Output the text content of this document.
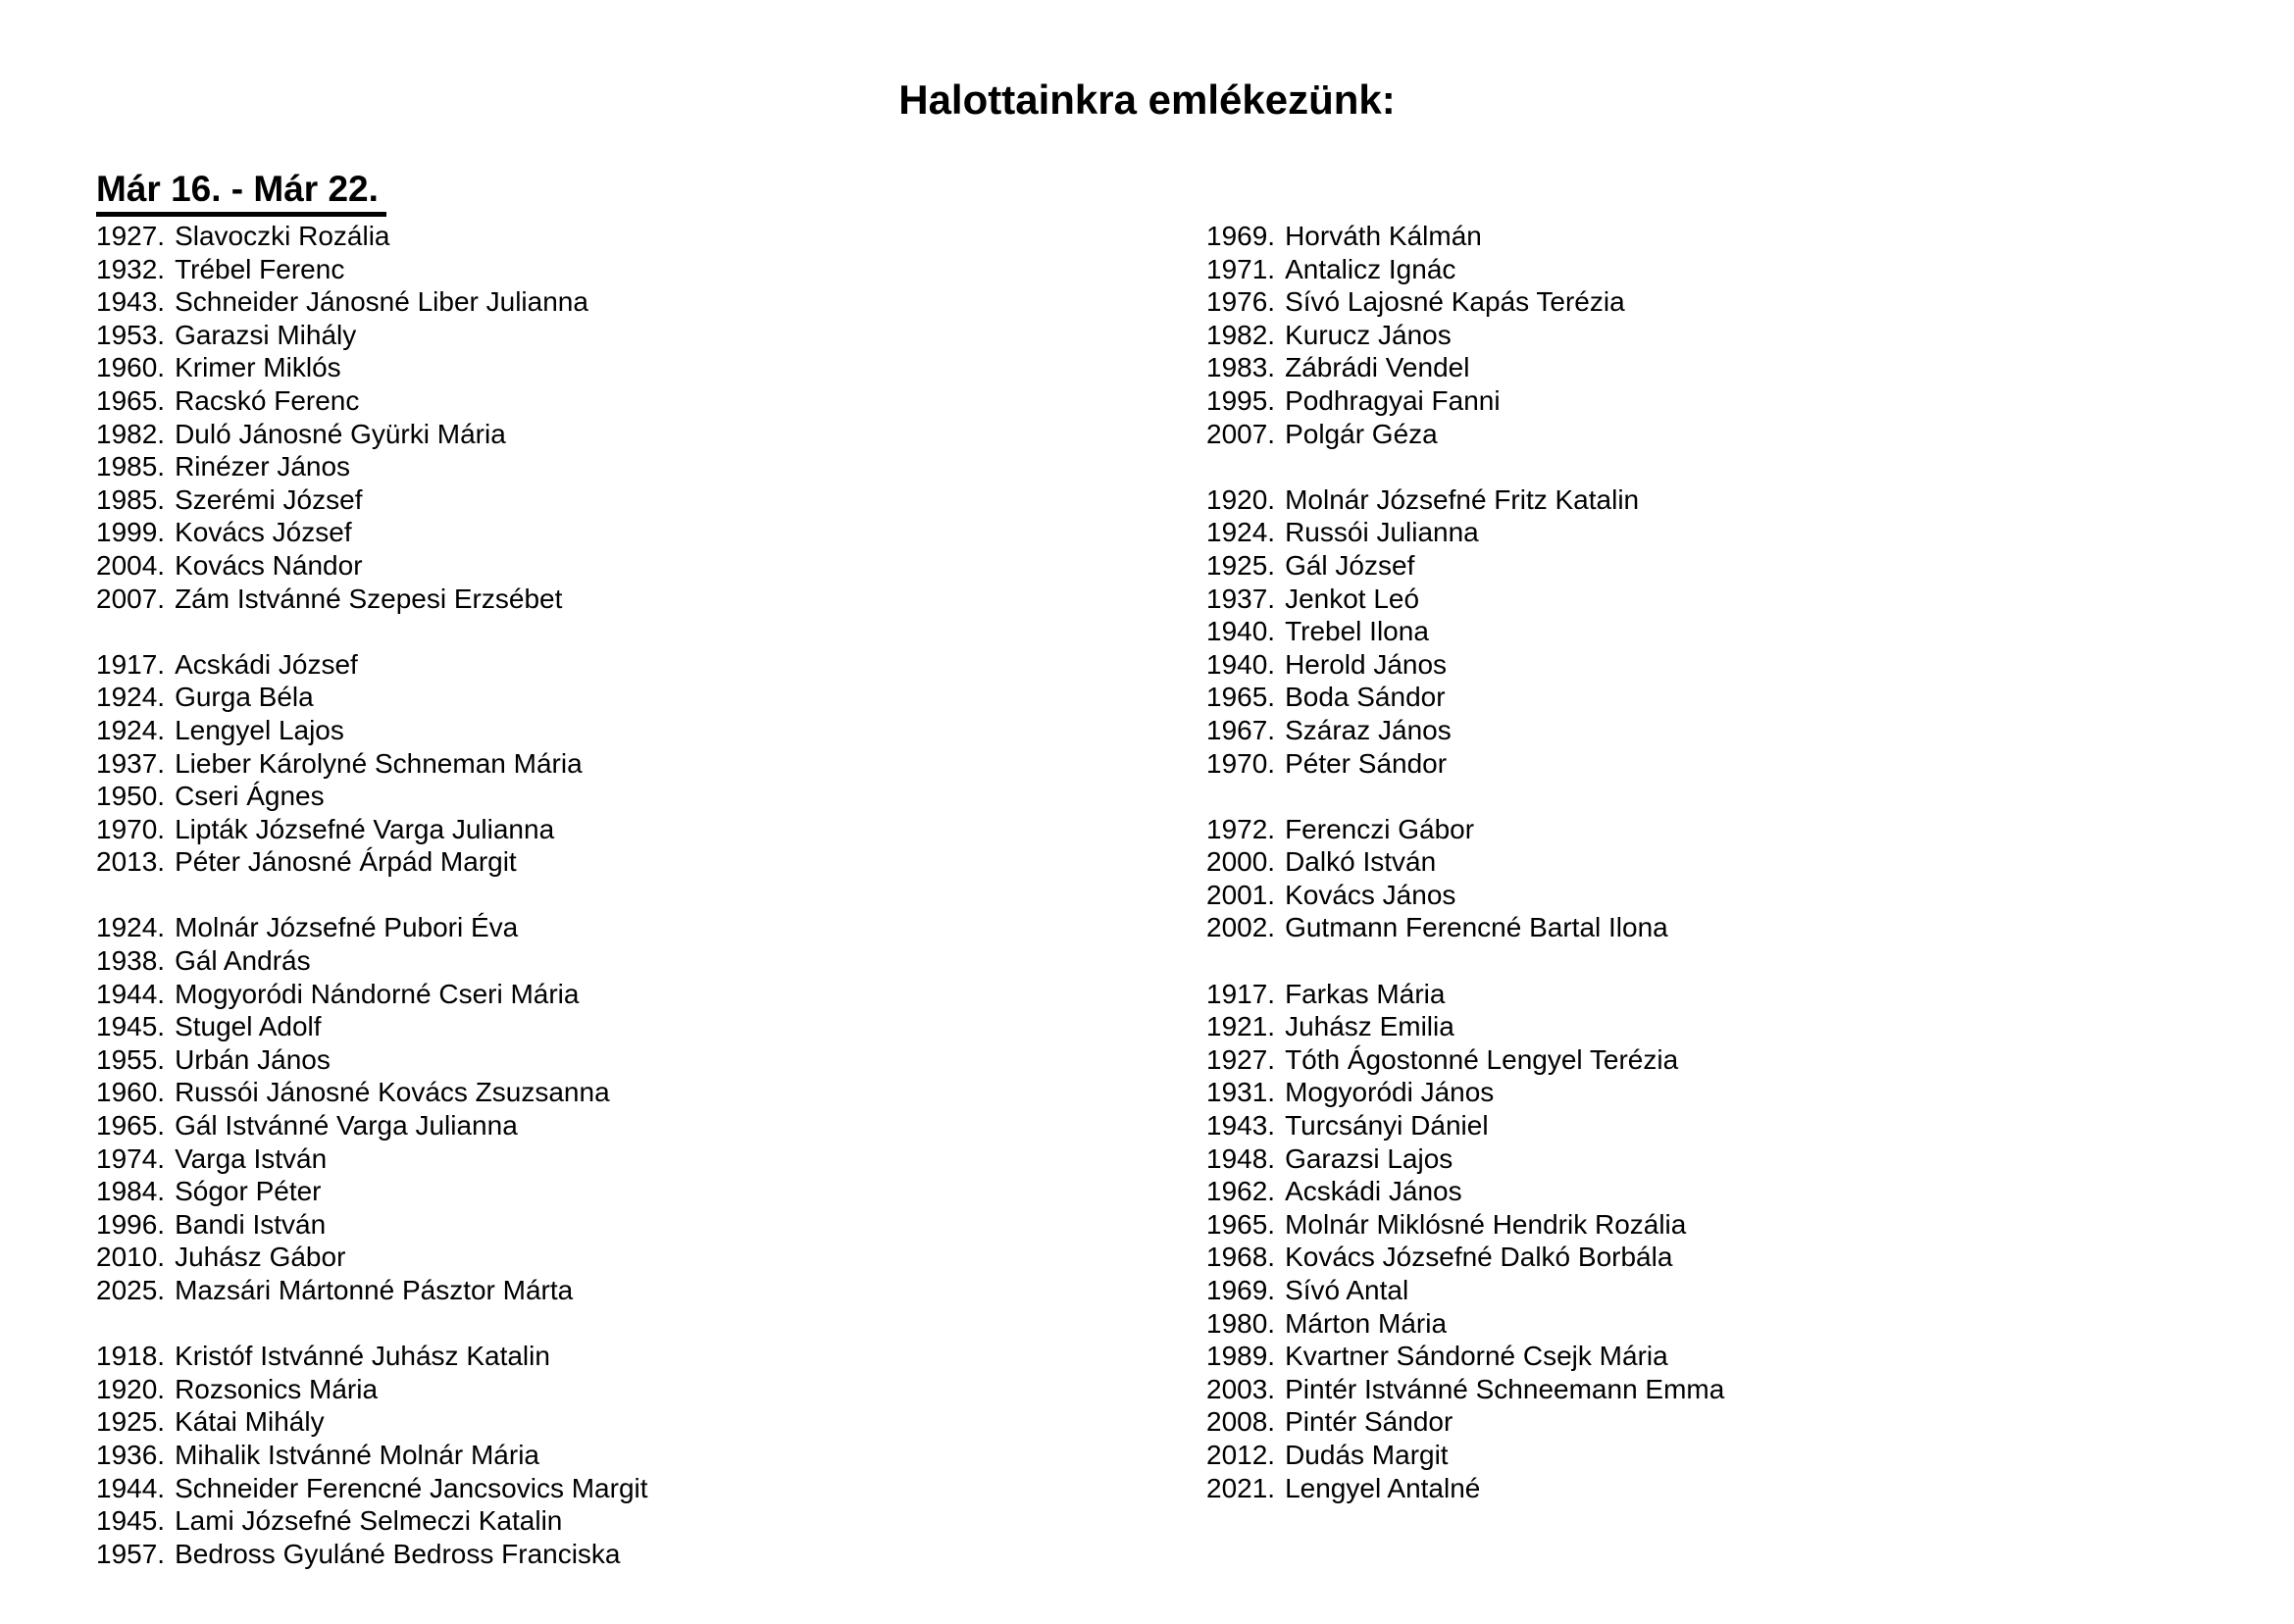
Halottainkra emlékezünk:
Már 16. - Már 22.
1927. Slavoczki Rozália
1932. Trébel Ferenc
1943. Schneider Jánosné Liber Julianna
1953. Garazsi Mihály
1960. Krimer Miklós
1965. Racskó Ferenc
1982. Duló Jánosné Gyürki Mária
1985. Rinézer János
1985. Szerémi József
1999. Kovács József
2004. Kovács Nándor
2007. Zám Istvánné Szepesi Erzsébet
1917. Acskádi József
1924. Gurga Béla
1924. Lengyel Lajos
1937. Lieber Károlyné Schneman Mária
1950. Cseri Ágnes
1970. Lipták Józsefné Varga Julianna
2013. Péter Jánosné Árpád Margit
1924. Molnár Józsefné Pubori Éva
1938. Gál András
1944. Mogyoródi Nándorné Cseri Mária
1945. Stugel Adolf
1955. Urbán János
1960. Russói Jánosné Kovács Zsuzsanna
1965. Gál Istvánné Varga Julianna
1974. Varga István
1984. Sógor Péter
1996. Bandi István
2010. Juhász Gábor
2025. Mazsári Mártonné Pásztor Márta
1918. Kristóf Istvánné Juhász Katalin
1920. Rozsonics Mária
1925. Kátai Mihály
1936. Mihalik Istvánné Molnár Mária
1944. Schneider Ferencné Jancsovics Margit
1945. Lami Józsefné Selmeczi Katalin
1957. Bedross Gyuláné Bedross Franciska
1969. Horváth Kálmán
1971. Antalicz Ignác
1976. Sívó Lajosné Kapás Terézia
1982. Kurucz János
1983. Zábrádi Vendel
1995. Podhragyai Fanni
2007. Polgár Géza
1920. Molnár Józsefné Fritz Katalin
1924. Russói Julianna
1925. Gál József
1937. Jenkot Leó
1940. Trebel Ilona
1940. Herold János
1965. Boda Sándor
1967. Száraz János
1970. Péter Sándor
1972. Ferenczi Gábor
2000. Dalkó István
2001. Kovács János
2002. Gutmann Ferencné Bartal Ilona
1917. Farkas Mária
1921. Juhász Emilia
1927. Tóth Ágostonné Lengyel Terézia
1931. Mogyoródi János
1943. Turcsányi Dániel
1948. Garazsi Lajos
1962. Acskádi János
1965. Molnár Miklósné Hendrik Rozália
1968. Kovács Józsefné Dalkó Borbála
1969. Sívó Antal
1980. Márton Mária
1989. Kvartner Sándorné Csejk Mária
2003. Pintér Istvánné Schneemann Emma
2008. Pintér Sándor
2012. Dudás Margit
2021. Lengyel Antalné
